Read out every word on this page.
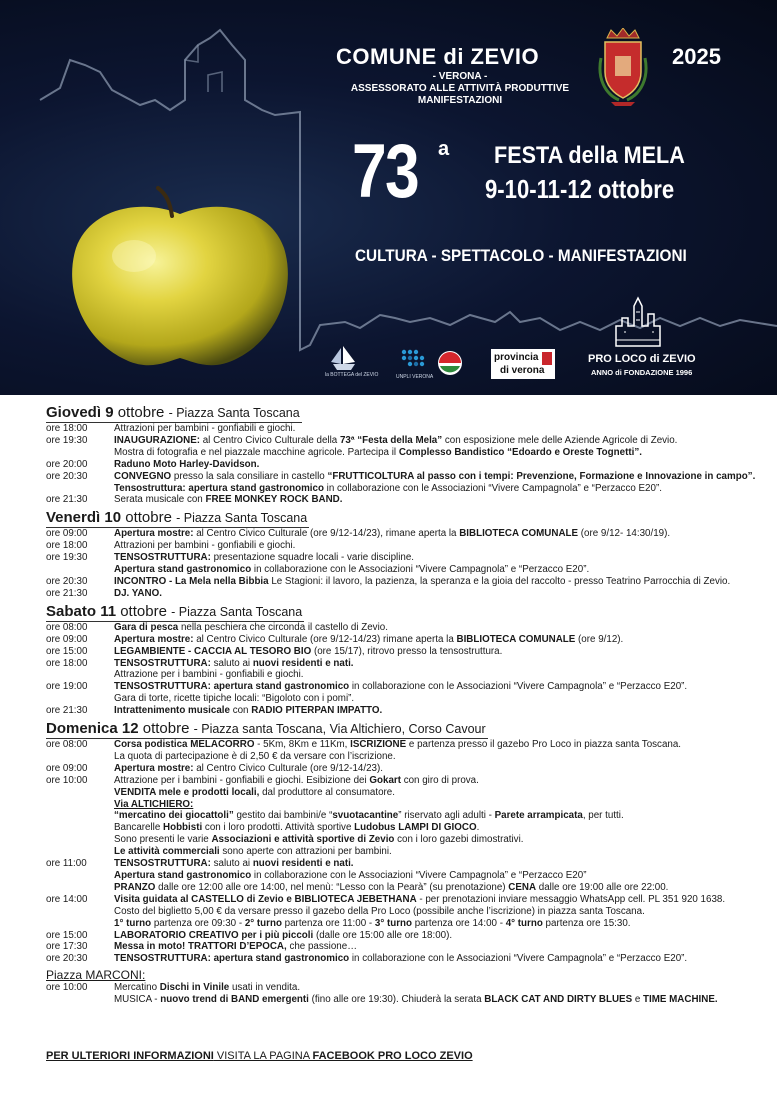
COMUNE di ZEVIO	2025
- VERONA -
ASSESSORATO ALLE ATTIVITÀ PRODUTTIVE
MANIFESTAZIONI
73 a FESTA della MELA
9-10-11-12 ottobre
CULTURA - SPETTACOLO - MANIFESTAZIONI
la BOTTEGA del ZEVIO	UNPLI VERONA
provincia
di verona
PRO LOCO di ZEVIO
ANNO di FONDAZIONE 1996
Giovedì 9 ottobre - Piazza Santa Toscana
ore 18:00	Attrazioni per bambini - gonfiabili e giochi.
ore 19:30	INAUGURAZIONE: al Centro Civico Culturale della 73ª “Festa della Mela” con esposizione mele delle Aziende Agricole di Zevio.
Mostra di fotografia e nel piazzale macchine agricole. Partecipa il Complesso Bandistico “Edoardo e Oreste Tognetti”.
ore 20:00	Raduno Moto Harley-Davidson.
ore 20:30	CONVEGNO presso la sala consiliare in castello “FRUTTICOLTURA al passo con i tempi: Prevenzione, Formazione e Innovazione in campo”.
Tensostruttura: apertura stand gastronomico in collaborazione con le Associazioni “Vivere Campagnola” e “Perzacco E20”.
ore 21:30	Serata musicale con FREE MONKEY ROCK BAND.
Venerdì 10 ottobre - Piazza Santa Toscana
ore 09:00	Apertura mostre: al Centro Civico Culturale (ore 9/12-14/23), rimane aperta la BIBLIOTECA COMUNALE (ore 9/12- 14:30/19).
ore 18:00	Attrazioni per bambini - gonfiabili e giochi.
ore 19:30	TENSOSTRUTTURA: presentazione squadre locali - varie discipline.
Apertura stand gastronomico in collaborazione con le Associazioni “Vivere Campagnola” e “Perzacco E20”.
ore 20:30	INCONTRO - La Mela nella Bibbia Le Stagioni: il lavoro, la pazienza, la speranza e la gioia del raccolto - presso Teatrino Parrocchia di Zevio.
ore 21:30	DJ. YANO.
Sabato 11 ottobre - Piazza Santa Toscana
ore 08:00	Gara di pesca nella peschiera che circonda il castello di Zevio.
ore 09:00	Apertura mostre: al Centro Civico Culturale (ore 9/12-14/23) rimane aperta la BIBLIOTECA COMUNALE (ore 9/12).
ore 15:00	LEGAMBIENTE - CACCIA AL TESORO BIO (ore 15/17), ritrovo presso la tensostruttura.
ore 18:00	TENSOSTRUTTURA: saluto ai nuovi residenti e nati.
Attrazione per i bambini - gonfiabili e giochi.
ore 19:00	TENSOSTRUTTURA: apertura stand gastronomico in collaborazione con le Associazioni “Vivere Campagnola” e “Perzacco E20”.
Gara di torte, ricette tipiche locali: “Bigoloto con i pomi”.
ore 21:30	Intrattenimento musicale con RADIO PITERPAN IMPATTO.
Domenica 12 ottobre - Piazza santa Toscana, Via Altichiero, Corso Cavour
ore 08:00	Corsa podistica MELACORRO - 5Km, 8Km e 11Km, ISCRIZIONE e partenza presso il gazebo Pro Loco in piazza santa Toscana.
La quota di partecipazione è di 2,50 € da versare con l’iscrizione.
ore 09:00	Apertura mostre: al Centro Civico Culturale (ore 9/12-14/23).
ore 10:00	Attrazione per i bambini - gonfiabili e giochi. Esibizione dei Gokart con giro di prova.
VENDITA mele e prodotti locali, dal produttore al consumatore.
Via ALTICHIERO:
“mercatino dei giocattoli” gestito dai bambini/e “svuotacantine” riservato agli adulti - Parete arrampicata, per tutti.
Bancarelle Hobbisti con i loro prodotti. Attività sportive Ludobus LAMPI DI GIOCO.
Sono presenti le varie Associazioni e attività sportive di Zevio con i loro gazebi dimostrativi.
Le attività commerciali sono aperte con attrazioni per bambini.
ore 11:00	TENSOSTRUTTURA: saluto ai nuovi residenti e nati.
Apertura stand gastronomico in collaborazione con le Associazioni “Vivere Campagnola” e “Perzacco E20”
PRANZO dalle ore 12:00 alle ore 14:00, nel menù: “Lesso con la Pearà” (su prenotazione) CENA dalle ore 19:00 alle ore 22:00.
ore 14:00	Visita guidata al CASTELLO di Zevio e BIBLIOTECA JEBETHANA - per prenotazioni inviare messaggio WhatsApp cell. PL 351 920 1638.
Costo del biglietto 5,00 € da versare presso il gazebo della Pro Loco (possibile anche l’iscrizione) in piazza santa Toscana.
1° turno partenza ore 09:30 - 2° turno partenza ore 11:00 - 3° turno partenza ore 14:00 - 4° turno partenza ore 15:30.
ore 15:00	LABORATORIO CREATIVO per i più piccoli (dalle ore 15:00 alle ore 18:00).
ore 17:30	Messa in moto! TRATTORI D’EPOCA, che passione…
ore 20:30	TENSOSTRUTTURA: apertura stand gastronomico in collaborazione con le Associazioni “Vivere Campagnola” e “Perzacco E20”.
Piazza MARCONI:
ore 10:00	Mercatino Dischi in Vinile usati in vendita.
MUSICA - nuovo trend di BAND emergenti (fino alle ore 19:30). Chiuderà la serata BLACK CAT AND DIRTY BLUES e TIME MACHINE.
PER ULTERIORI INFORMAZIONI VISITA LA PAGINA FACEBOOK PRO LOCO ZEVIO
